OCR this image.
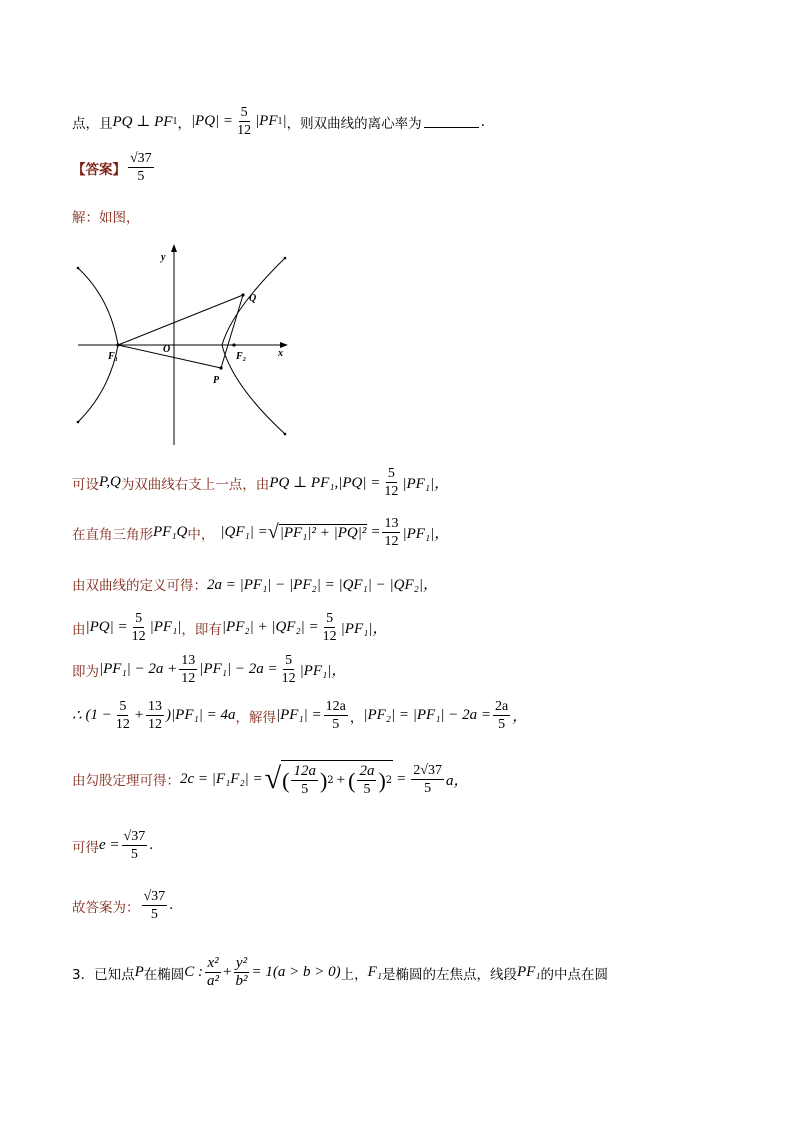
点，且 PQ ⊥ PF 1 ， $|PQ| = \frac{5}{12} |PF$ 1 | ，则双曲线的离心率为	.
【答案】 $\frac{√37}{5}$
解：如图，
y
x
O
F₁	F₂
Q
P
可设 P,Q 为双曲线右支上一点，由 PQ ⊥ $PF_1,|PQ| = \frac{5}{12} |PF_1|$，
在直角三角形 PF₁Q 中， |QF₁| = √ $|PF_1|^2 + |PQ|^2 = \frac{13}{12} |PF_1|$，
由双曲线的定义可得： 2a = |PF₁| − |PF₂| = |QF₁| − |QF₂|，
由 $|PQ| = \frac{5}{12} |PF_1|$ ，即有 $|PF_2| + |QF_2| = \frac{5}{12} |PF_1|$，
即为 $|PF_1| - 2a + \frac{13}{12} |PF_1| - 2a = \frac{5}{12} |PF_1|$，
∴ $(1 - \frac{5}{12} + \frac{13}{12} )|PF_1| = 4a$ ，解得 $|PF_1| = \frac{12a}{5}$ ， $|PF_2| = |PF_1| - 2a = \frac{2a}{5}$ ，
由勾股定理可得： 2c = |F₁F₂| = √ ( $\frac{12a}{5}$ ) 2 + ( $\frac{2a}{5}$ ) $2 = \frac{2√37}{5}$ a，
可得 $e = \frac{√37}{5}$ .
故答案为： $\frac{√37}{5}$ .
3．已知点 P 在椭圆 C : $\frac{\text{x²}}{\text{a²}} + \frac{\text{y²}}{\text{b²}} = 1(a > b > 0)$ 上， F₁ 是椭圆的左焦点，线段 PF₁ 的中点在圆
